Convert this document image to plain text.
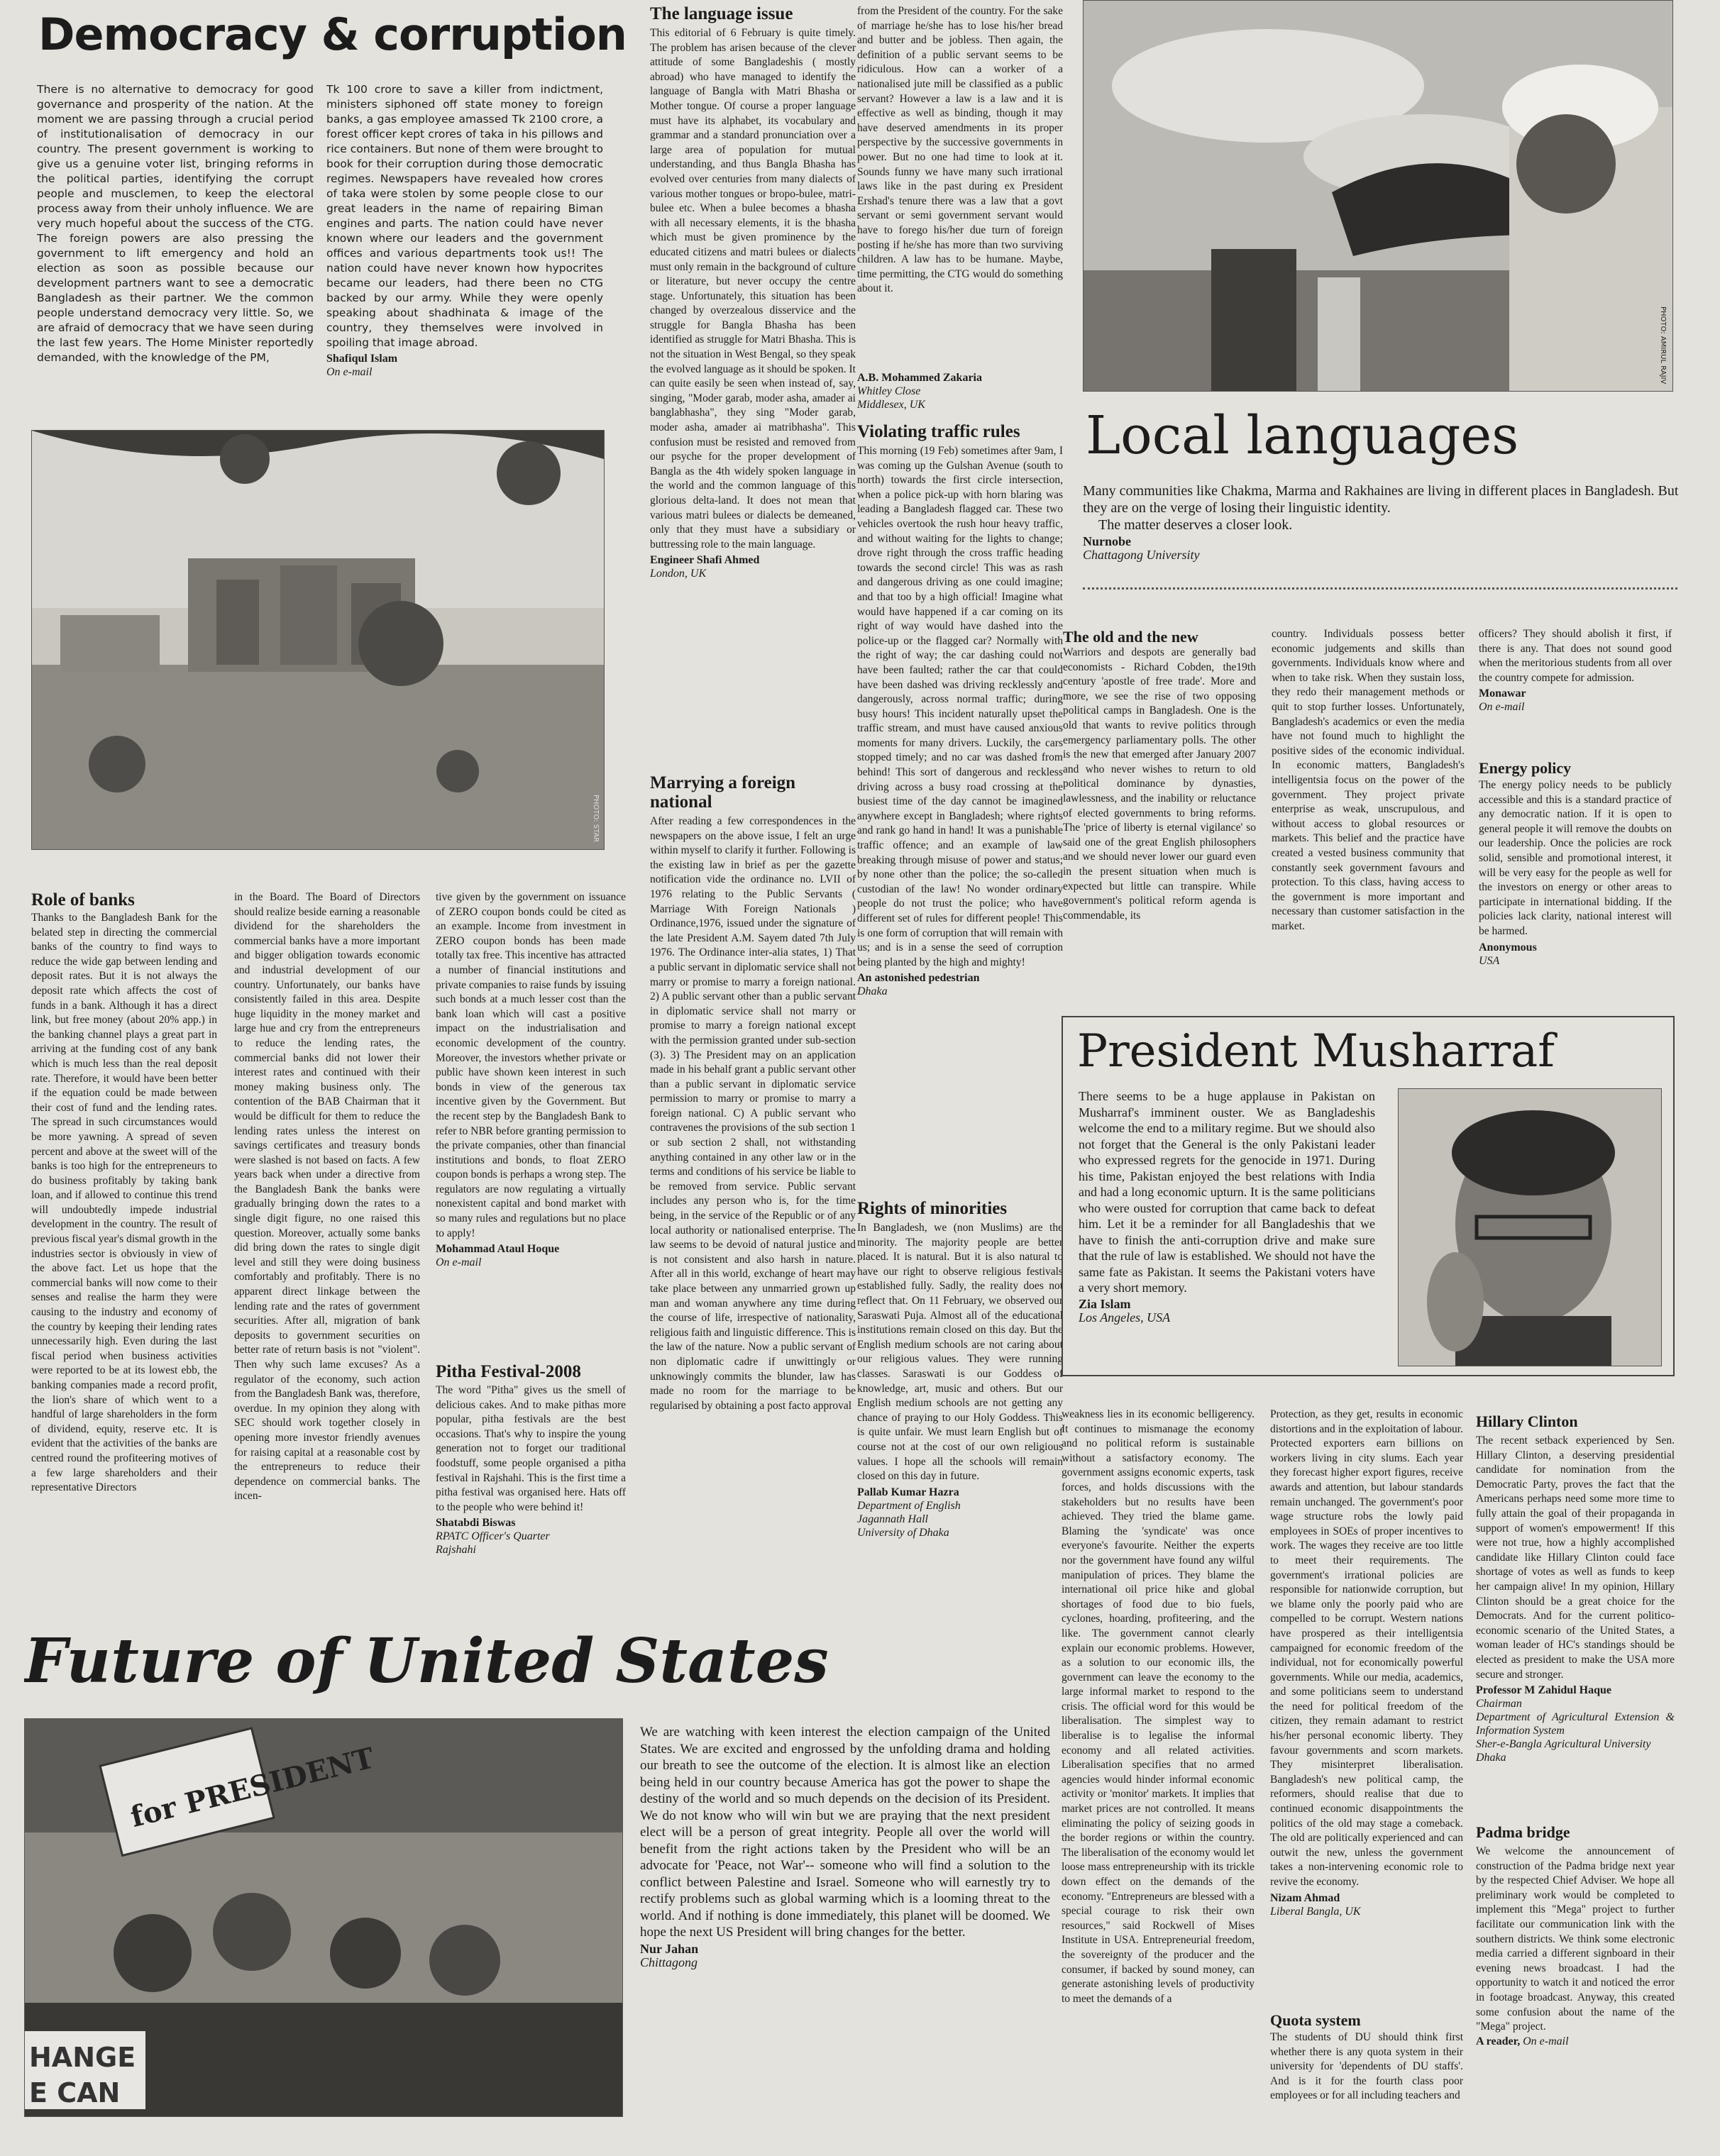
Democracy & corruption

There is no alternative to democracy for good governance and prosperity of the nation. At the moment we are passing through a crucial period of institutionalisation of democracy in our country. The present government is working to give us a genuine voter list, bringing reforms in the political parties, identifying the corrupt people and musclemen, to keep the electoral process away from their unholy influence. We are very much hopeful about the success of the CTG. The foreign powers are also pressing the government to lift emergency and hold an election as soon as possible because our development partners want to see a democratic Bangladesh as their partner. We the common people understand democracy very little. So, we are afraid of democracy that we have seen during the last few years. The Home Minister reportedly demanded, with the knowledge of the PM,

Tk 100 crore to save a killer from indictment, ministers siphoned off state money to foreign banks, a gas employee amassed Tk 2100 crore, a forest officer kept crores of taka in his pillows and rice containers. But none of them were brought to book for their corruption during those democratic regimes. Newspapers have revealed how crores of taka were stolen by some people close to our great leaders in the name of repairing Biman engines and parts. The nation could have never known where our leaders and the government offices and various departments took us!! The nation could have never known how hypocrites became our leaders, had there been no CTG backed by our army. While they were openly speaking about shadhinata & image of the country, they themselves were involved in spoiling that image abroad.

Shafiqul Islam
On e-mail
PHOTO: STAR
Role of banks

Thanks to the Bangladesh Bank for the belated step in directing the commercial banks of the country to find ways to reduce the wide gap between lending and deposit rates. But it is not always the deposit rate which affects the cost of funds in a bank. Although it has a direct link, but free money (about 20% app.) in the banking channel plays a great part in arriving at the funding cost of any bank which is much less than the real deposit rate. Therefore, it would have been better if the equation could be made between their cost of fund and the lending rates. The spread in such circumstances would be more yawning. A spread of seven percent and above at the sweet will of the banks is too high for the entrepreneurs to do business profitably by taking bank loan, and if allowed to continue this trend will undoubtedly impede industrial development in the country. The result of previous fiscal year's dismal growth in the industries sector is obviously in view of the above fact. Let us hope that the commercial banks will now come to their senses and realise the harm they were causing to the industry and economy of the country by keeping their lending rates unnecessarily high. Even during the last fiscal period when business activities were reported to be at its lowest ebb, the banking companies made a record profit, the lion's share of which went to a handful of large shareholders in the form of dividend, equity, reserve etc. It is evident that the activities of the banks are centred round the profiteering motives of a few large shareholders and their representative Directors

in the Board. The Board of Directors should realize beside earning a reasonable dividend for the shareholders the commercial banks have a more important and bigger obligation towards economic and industrial development of our country. Unfortunately, our banks have consistently failed in this area. Despite huge liquidity in the money market and large hue and cry from the entrepreneurs to reduce the lending rates, the commercial banks did not lower their interest rates and continued with their money making business only. The contention of the BAB Chairman that it would be difficult for them to reduce the lending rates unless the interest on savings certificates and treasury bonds were slashed is not based on facts. A few years back when under a directive from the Bangladesh Bank the banks were gradually bringing down the rates to a single digit figure, no one raised this question. Moreover, actually some banks did bring down the rates to single digit level and still they were doing business comfortably and profitably. There is no apparent direct linkage between the lending rate and the rates of government securities. After all, migration of bank deposits to government securities on better rate of return basis is not "violent". Then why such lame excuses? As a regulator of the economy, such action from the Bangladesh Bank was, therefore, overdue. In my opinion they along with SEC should work together closely in opening more investor friendly avenues for raising capital at a reasonable cost by the entrepreneurs to reduce their dependence on commercial banks. The incen-

tive given by the government on issuance of ZERO coupon bonds could be cited as an example. Income from investment in ZERO coupon bonds has been made totally tax free. This incentive has attracted a number of financial institutions and private companies to raise funds by issuing such bonds at a much lesser cost than the bank loan which will cast a positive impact on the industrialisation and economic development of the country. Moreover, the investors whether private or public have shown keen interest in such bonds in view of the generous tax incentive given by the Government. But the recent step by the Bangladesh Bank to refer to NBR before granting permission to the private companies, other than financial institutions and bonds, to float ZERO coupon bonds is perhaps a wrong step. The regulators are now regulating a virtually nonexistent capital and bond market with so many rules and regulations but no place to apply!

Mohammad Ataul Hoque
On e-mail
Pitha Festival-2008

The word "Pitha" gives us the smell of delicious cakes. And to make pithas more popular, pitha festivals are the best occasions. That's why to inspire the young generation not to forget our traditional foodstuff, some people organised a pitha festival in Rajshahi. This is the first time a pitha festival was organised here. Hats off to the people who were behind it!

Shatabdi Biswas
RPATC Officer's Quarter
Rajshahi
The language issue

This editorial of 6 February is quite timely. The problem has arisen because of the clever attitude of some Bangladeshis ( mostly abroad) who have managed to identify the language of Bangla with Matri Bhasha or Mother tongue. Of course a proper language must have its alphabet, its vocabulary and grammar and a standard pronunciation over a large area of population for mutual understanding, and thus Bangla Bhasha has evolved over centuries from many dialects of various mother tongues or bropo-bulee, matri-bulee etc. When a bulee becomes a bhasha with all necessary elements, it is the bhasha which must be given prominence by the educated citizens and matri bulees or dialects must only remain in the background of culture or literature, but never occupy the centre stage. Unfortunately, this situation has been changed by overzealous disservice and the struggle for Bangla Bhasha has been identified as struggle for Matri Bhasha. This is not the situation in West Bengal, so they speak the evolved language as it should be spoken. It can quite easily be seen when instead of, say, singing, "Moder garab, moder asha, amader ai banglabhasha", they sing "Moder garab, moder asha, amader ai matribhasha". This confusion must be resisted and removed from our psyche for the proper development of Bangla as the 4th widely spoken language in the world and the common language of this glorious delta-land. It does not mean that various matri bulees or dialects be demeaned, only that they must have a subsidiary or buttressing role to the main language.

Engineer Shafi Ahmed
London, UK
Marrying a foreign national

After reading a few correspondences in the newspapers on the above issue, I felt an urge within myself to clarify it further. Following is the existing law in brief as per the gazette notification vide the ordinance no. LVII of 1976 relating to the Public Servants ( Marriage With Foreign Nationals ) Ordinance,1976, issued under the signature of the late President A.M. Sayem dated 7th July 1976. The Ordinance inter-alia states, 1) That a public servant in diplomatic service shall not marry or promise to marry a foreign national. 2) A public servant other than a public servant in diplomatic service shall not marry or promise to marry a foreign national except with the permission granted under sub-section (3). 3) The President may on an application made in his behalf grant a public servant other than a public servant in diplomatic service permission to marry or promise to marry a foreign national. C) A public servant who contravenes the provisions of the sub section 1 or sub section 2 shall, not withstanding anything contained in any other law or in the terms and conditions of his service be liable to be removed from service. Public servant includes any person who is, for the time being, in the service of the Republic or of any local authority or nationalised enterprise. The law seems to be devoid of natural justice and is not consistent and also harsh in nature. After all in this world, exchange of heart may take place between any unmarried grown up man and woman anywhere any time during the course of life, irrespective of nationality, religious faith and linguistic difference. This is the law of the nature. Now a public servant of non diplomatic cadre if unwittingly or unknowingly commits the blunder, law has made no room for the marriage to be regularised by obtaining a post facto approval

from the President of the country. For the sake of marriage he/she has to lose his/her bread and butter and be jobless. Then again, the definition of a public servant seems to be ridiculous. How can a worker of a nationalised jute mill be classified as a public servant? However a law is a law and it is effective as well as binding, though it may have deserved amendments in its proper perspective by the successive governments in power. But no one had time to look at it. Sounds funny we have many such irrational laws like in the past during ex President Ershad's tenure there was a law that a govt servant or semi government servant would have to forego his/her due turn of foreign posting if he/she has more than two surviving children. A law has to be humane. Maybe, time permitting, the CTG would do something about it.

A.B. Mohammed Zakaria
Whitley Close
Middlesex, UK
Violating traffic rules

This morning (19 Feb) sometimes after 9am, I was coming up the Gulshan Avenue (south to north) towards the first circle intersection, when a police pick-up with horn blaring was leading a Bangladesh flagged car. These two vehicles overtook the rush hour heavy traffic, and without waiting for the lights to change; drove right through the cross traffic heading towards the second circle! This was as rash and dangerous driving as one could imagine; and that too by a high official! Imagine what would have happened if a car coming on its right of way would have dashed into the police-up or the flagged car? Normally with the right of way; the car dashing could not have been faulted; rather the car that could have been dashed was driving recklessly and dangerously, across normal traffic; during busy hours! This incident naturally upset the traffic stream, and must have caused anxious moments for many drivers. Luckily, the cars stopped timely; and no car was dashed from behind! This sort of dangerous and reckless driving across a busy road crossing at the busiest time of the day cannot be imagined anywhere except in Bangladesh; where rights and rank go hand in hand! It was a punishable traffic offence; and an example of law breaking through misuse of power and status; by none other than the police; the so-called custodian of the law! No wonder ordinary people do not trust the police; who have different set of rules for different people! This is one form of corruption that will remain with us; and is in a sense the seed of corruption being planted by the high and mighty!

An astonished pedestrian
Dhaka
Rights of minorities

In Bangladesh, we (non Muslims) are the minority. The majority people are better placed. It is natural. But it is also natural to have our right to observe religious festivals established fully. Sadly, the reality does not reflect that. On 11 February, we observed our Saraswati Puja. Almost all of the educational institutions remain closed on this day. But the English medium schools are not caring about our religious values. They were running classes. Saraswati is our Goddess of knowledge, art, music and others. But our English medium schools are not getting any chance of praying to our Holy Goddess. This is quite unfair. We must learn English but of course not at the cost of our own religious values. I hope all the schools will remain closed on this day in future.

Pallab Kumar Hazra
Department of English
Jagannath Hall
University of Dhaka
PHOTO: AMIRUL RAJIV
Local languages
Many communities like Chakma, Marma and Rakhaines are living in different places in Bangladesh. But they are on the verge of losing their linguistic identity.
The matter deserves a closer look.
Nurnobe
Chattagong University
The old and the new

Warriors and despots are generally bad economists - Richard Cobden, the19th century 'apostle of free trade'. More and more, we see the rise of two opposing political camps in Bangladesh. One is the old that wants to revive politics through emergency parliamentary polls. The other is the new that emerged after January 2007 and who never wishes to return to old political dominance by dynasties, lawlessness, and the inability or reluctance of elected governments to bring reforms. The 'price of liberty is eternal vigilance' so said one of the great English philosophers and we should never lower our guard even in the present situation when much is expected but little can transpire. While government's political reform agenda is commendable, its

country. Individuals possess better economic judgements and skills than governments. Individuals know where and when to take risk. When they sustain loss, they redo their management methods or quit to stop further losses. Unfortunately, Bangladesh's academics or even the media have not found much to highlight the positive sides of the economic individual. In economic matters, Bangladesh's intelligentsia focus on the power of the government. They project private enterprise as weak, unscrupulous, and without access to global resources or markets. This belief and the practice have created a vested business community that constantly seek government favours and protection. To this class, having access to the government is more important and necessary than customer satisfaction in the market.

officers? They should abolish it first, if there is any. That does not sound good when the meritorious students from all over the country compete for admission.

Monawar
On e-mail
Energy policy

The energy policy needs to be publicly accessible and this is a standard practice of any democratic nation. If it is open to general people it will remove the doubts on our leadership. Once the policies are rock solid, sensible and promotional interest, it will be very easy for the people as well for the investors on energy or other areas to participate in international bidding. If the policies lack clarity, national interest will be harmed.

Anonymous
USA
President Musharraf

There seems to be a huge applause in Pakistan on Musharraf's imminent ouster. We as Bangladeshis welcome the end to a military regime. But we should also not forget that the General is the only Pakistani leader who expressed regrets for the genocide in 1971. During his time, Pakistan enjoyed the best relations with India and had a long economic upturn. It is the same politicians who were ousted for corruption that came back to defeat him. Let it be a reminder for all Bangladeshis that we have to finish the anti-corruption drive and make sure that the rule of law is established. We should not have the same fate as Pakistan. It seems the Pakistani voters have a very short memory.

Zia Islam
Los Angeles, USA

weakness lies in its economic belligerency. It continues to mismanage the economy and no political reform is sustainable without a satisfactory economy. The government assigns economic experts, task forces, and holds discussions with the stakeholders but no results have been achieved. They tried the blame game. Blaming the 'syndicate' was once everyone's favourite. Neither the experts nor the government have found any wilful manipulation of prices. They blame the international oil price hike and global shortages of food due to bio fuels, cyclones, hoarding, profiteering, and the like. The government cannot clearly explain our economic problems. However, as a solution to our economic ills, the government can leave the economy to the large informal market to respond to the crisis. The official word for this would be liberalisation. The simplest way to liberalise is to legalise the informal economy and all related activities. Liberalisation specifies that no armed agencies would hinder informal economic activity or 'monitor' markets. It implies that market prices are not controlled. It means eliminating the policy of seizing goods in the border regions or within the country. The liberalisation of the economy would let loose mass entrepreneurship with its trickle down effect on the demands of the economy. "Entrepreneurs are blessed with a special courage to risk their own resources," said Rockwell of Mises Institute in USA. Entrepreneurial freedom, the sovereignty of the producer and the consumer, if backed by sound money, can generate astonishing levels of productivity to meet the demands of a

Protection, as they get, results in economic distortions and in the exploitation of labour. Protected exporters earn billions on workers living in city slums. Each year they forecast higher export figures, receive awards and attention, but labour standards remain unchanged. The government's poor wage structure robs the lowly paid employees in SOEs of proper incentives to work. The wages they receive are too little to meet their requirements. The government's irrational policies are responsible for nationwide corruption, but we blame only the poorly paid who are compelled to be corrupt. Western nations have prospered as their intelligentsia campaigned for economic freedom of the individual, not for economically powerful governments. While our media, academics, and some politicians seem to understand the need for political freedom of the citizen, they remain adamant to restrict his/her personal economic liberty. They favour governments and scorn markets. They misinterpret liberalisation. Bangladesh's new political camp, the reformers, should realise that due to continued economic disappointments the politics of the old may stage a comeback. The old are politically experienced and can outwit the new, unless the government takes a non-intervening economic role to revive the economy.

Nizam Ahmad
Liberal Bangla, UK
Quota system

The students of DU should think first whether there is any quota system in their university for 'dependents of DU staffs'. And is it for the fourth class poor employees or for all including teachers and

Hillary Clinton

The recent setback experienced by Sen. Hillary Clinton, a deserving presidential candidate for nomination from the Democratic Party, proves the fact that the Americans perhaps need some more time to fully attain the goal of their propaganda in support of women's empowerment! If this were not true, how a highly accomplished candidate like Hillary Clinton could face shortage of votes as well as funds to keep her campaign alive! In my opinion, Hillary Clinton should be a great choice for the Democrats. And for the current politico-economic scenario of the United States, a woman leader of HC's standings should be elected as president to make the USA more secure and stronger.

Professor M Zahidul Haque
Chairman
Department of Agricultural Extension & Information System
Sher-e-Bangla Agricultural University
Dhaka
Padma bridge

We welcome the announcement of construction of the Padma bridge next year by the respected Chief Adviser. We hope all preliminary work would be completed to implement this "Mega" project to further facilitate our communication link with the southern districts. We think some electronic media carried a different signboard in their evening news broadcast. I had the opportunity to watch it and noticed the error in footage broadcast. Anyway, this created some confusion about the name of the "Mega" project.

A reader, On e-mail
Future of United States
for PRESIDENT
HANGE
E CAN

We are watching with keen interest the election campaign of the United States. We are excited and engrossed by the unfolding drama and holding our breath to see the outcome of the election. It is almost like an election being held in our country because America has got the power to shape the destiny of the world and so much depends on the decision of its President. We do not know who will win but we are praying that the next president elect will be a person of great integrity. People all over the world will benefit from the right actions taken by the President who will be an advocate for 'Peace, not War'-- someone who will find a solution to the conflict between Palestine and Israel. Someone who will earnestly try to rectify problems such as global warming which is a looming threat to the world. And if nothing is done immediately, this planet will be doomed. We hope the next US President will bring changes for the better.

Nur Jahan
Chittagong
